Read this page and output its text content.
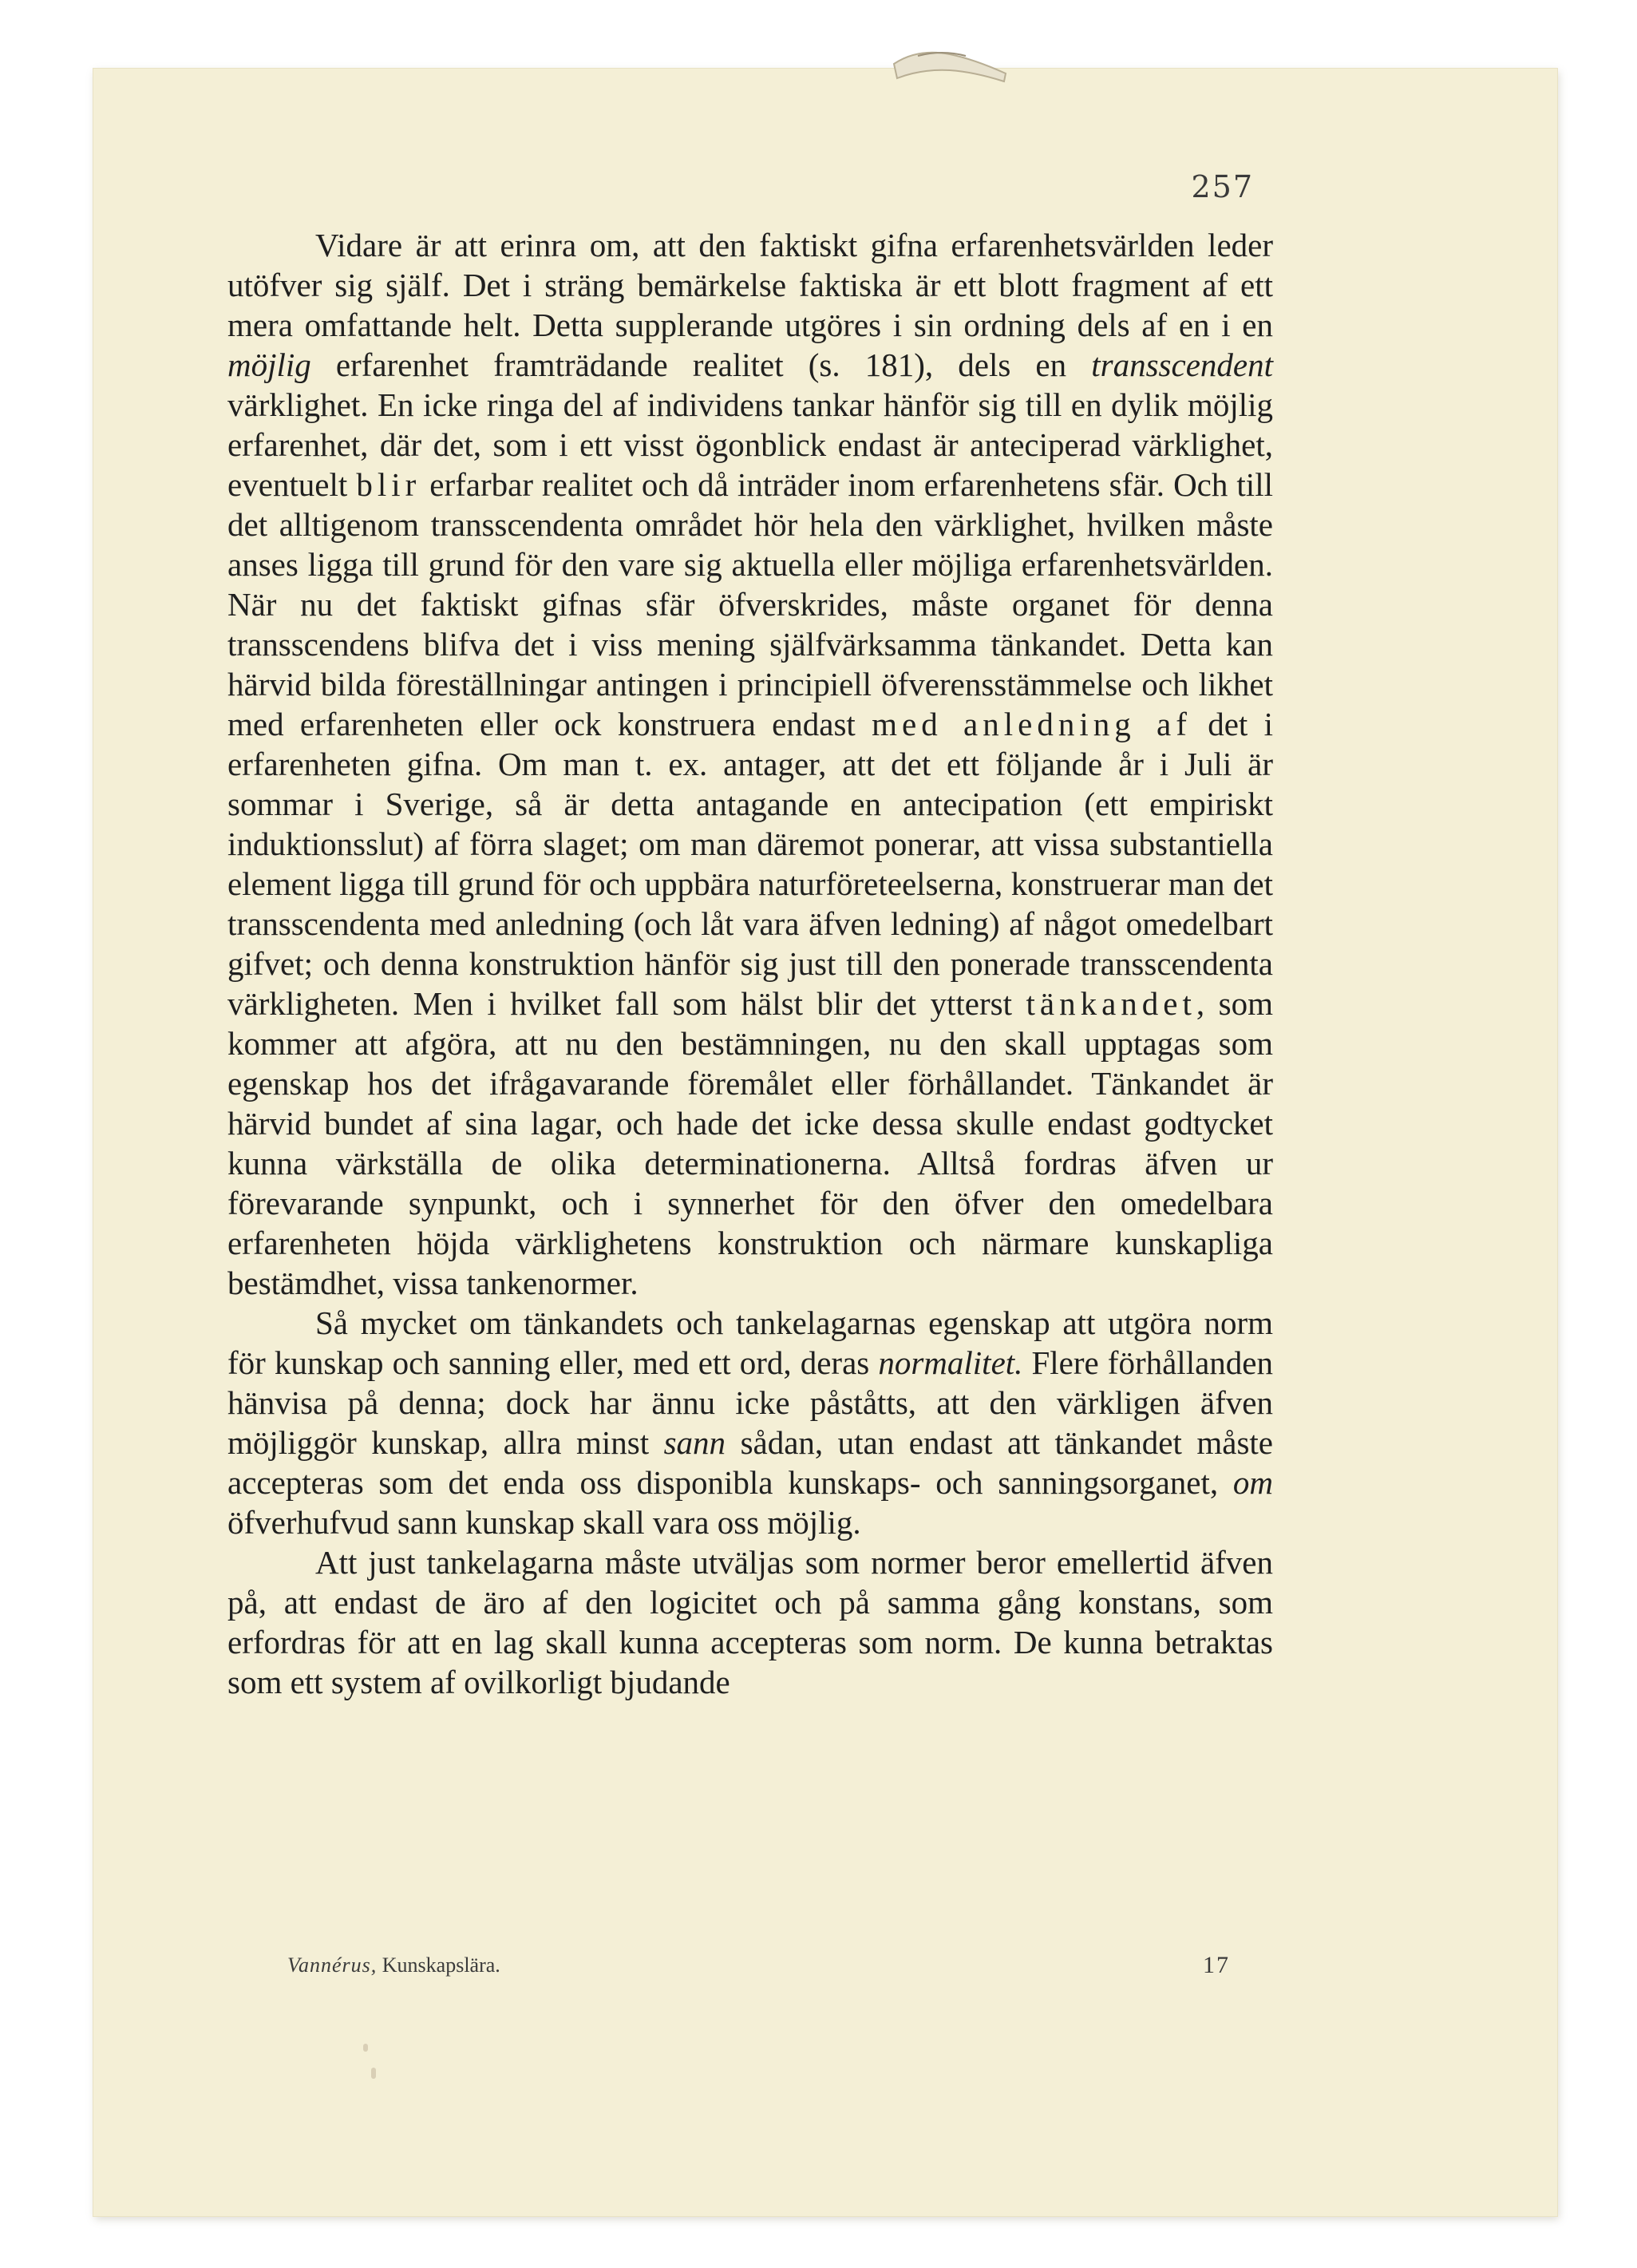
257

Vidare är att erinra om, att den faktiskt gifna erfarenhetsvärlden leder utöfver sig själf. Det i sträng bemärkelse faktiska är ett blott fragment af ett mera omfattande helt. Detta supplerande utgöres i sin ordning dels af en i en möjlig erfarenhet framträdande realitet (s. 181), dels en transscendent värklighet. En icke ringa del af individens tankar hänför sig till en dylik möjlig erfarenhet, där det, som i ett visst ögonblick endast är anteciperad värklighet, eventuelt blir erfarbar realitet och då inträder inom erfarenhetens sfär. Och till det alltigenom transscendenta området hör hela den värklighet, hvilken måste anses ligga till grund för den vare sig aktuella eller möjliga erfarenhetsvärlden. När nu det faktiskt gifnas sfär öfverskrides, måste organet för denna transscendens blifva det i viss mening själfvärksamma tänkandet. Detta kan härvid bilda föreställningar antingen i principiell öfverensstämmelse och likhet med erfarenheten eller ock konstruera endast med anledning af det i erfarenheten gifna. Om man t. ex. antager, att det ett följande år i Juli är sommar i Sverige, så är detta antagande en antecipation (ett empiriskt induktionsslut) af förra slaget; om man däremot ponerar, att vissa substantiella element ligga till grund för och uppbära naturföreteelserna, konstruerar man det transscendenta med anledning (och låt vara äfven ledning) af något omedelbart gifvet; och denna konstruktion hänför sig just till den ponerade transscendenta värkligheten. Men i hvilket fall som hälst blir det ytterst tänkandet, som kommer att afgöra, att nu den bestämningen, nu den skall upptagas som egenskap hos det ifrågavarande föremålet eller förhållandet. Tänkandet är härvid bundet af sina lagar, och hade det icke dessa skulle endast godtycket kunna värkställa de olika determinationerna. Alltså fordras äfven ur förevarande synpunkt, och i synnerhet för den öfver den omedelbara erfarenheten höjda värklighetens konstruktion och närmare kunskapliga bestämdhet, vissa tankenormer.

Så mycket om tänkandets och tankelagarnas egenskap att utgöra norm för kunskap och sanning eller, med ett ord, deras normalitet. Flere förhållanden hänvisa på denna; dock har ännu icke påståtts, att den värkligen äfven möjliggör kunskap, allra minst sann sådan, utan endast att tänkandet måste accepteras som det enda oss disponibla kunskaps- och sanningsorganet, om öfverhufvud sann kunskap skall vara oss möjlig.

Att just tankelagarna måste utväljas som normer beror emellertid äfven på, att endast de äro af den logicitet och på samma gång konstans, som erfordras för att en lag skall kunna accepteras som norm. De kunna betraktas som ett system af ovilkorligt bjudande

Vannérus, Kunskapslära.	17
